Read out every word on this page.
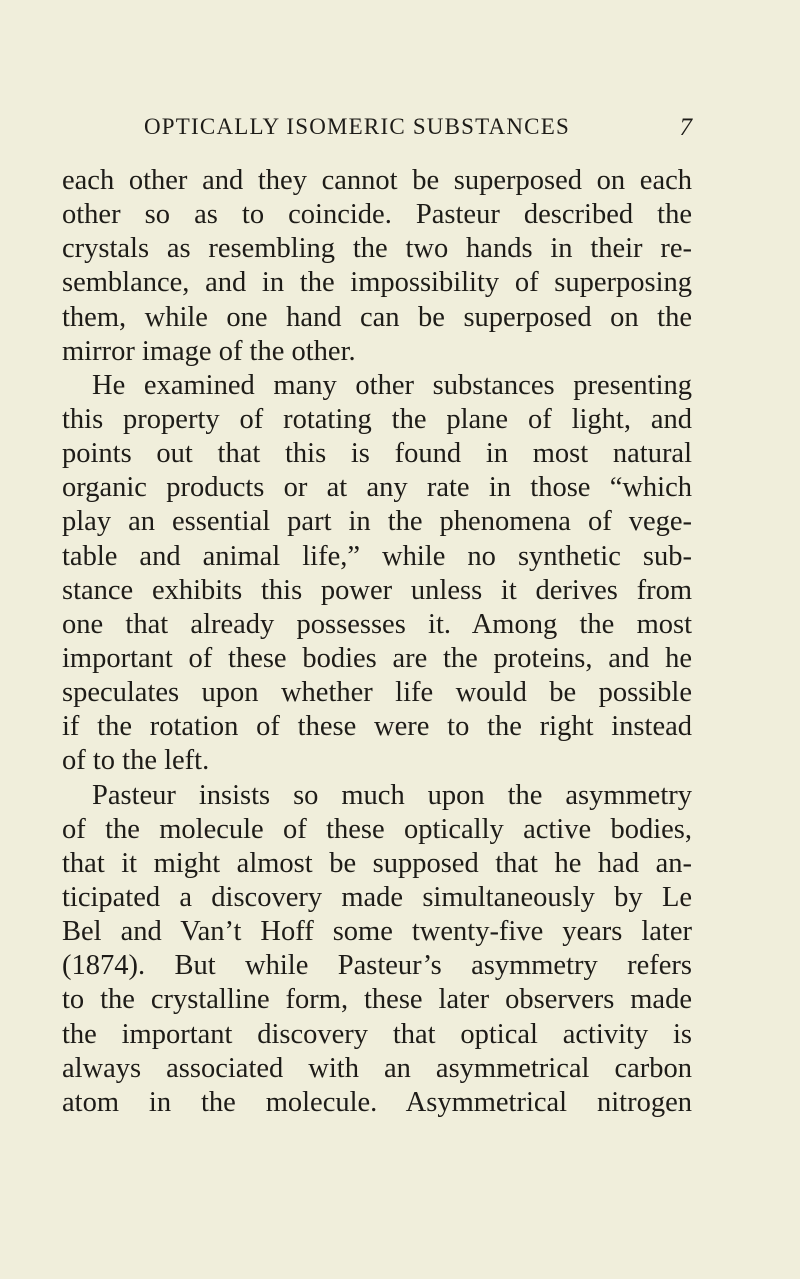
OPTICALLY ISOMERIC SUBSTANCES	7
each other and they cannot be superposed on each
other so as to coincide. Pasteur described the
crystals as resembling the two hands in their re-
semblance, and in the impossibility of superposing
them, while one hand can be superposed on the
mirror image of the other.
He examined many other substances presenting
this property of rotating the plane of light, and
points out that this is found in most natural
organic products or at any rate in those “which
play an essential part in the phenomena of vege-
table and animal life,” while no synthetic sub-
stance exhibits this power unless it derives from
one that already possesses it. Among the most
important of these bodies are the proteins, and he
speculates upon whether life would be possible
if the rotation of these were to the right instead
of to the left.
Pasteur insists so much upon the asymmetry
of the molecule of these optically active bodies,
that it might almost be supposed that he had an-
ticipated a discovery made simultaneously by Le
Bel and Van’t Hoff some twenty-five years later
(1874). But while Pasteur’s asymmetry refers
to the crystalline form, these later observers made
the important discovery that optical activity is
always associated with an asymmetrical carbon
atom in the molecule. Asymmetrical nitrogen
